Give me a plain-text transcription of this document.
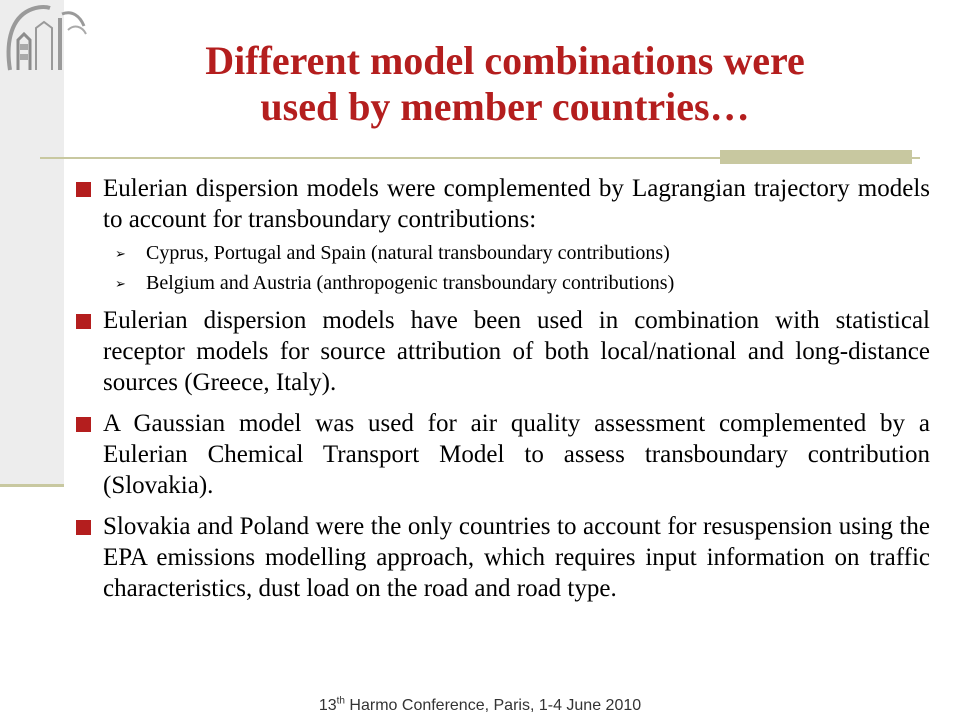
Different model combinations were
used by member countries…
Eulerian dispersion models were complemented by Lagrangian trajectory models to account for transboundary contributions:
➢ Cyprus, Portugal and Spain (natural transboundary contributions)
➢ Belgium and Austria (anthropogenic transboundary contributions)
Eulerian dispersion models have been used in combination with statistical receptor models for source attribution of both local/national and long-distance sources (Greece, Italy).
A Gaussian model was used for air quality assessment complemented by a Eulerian Chemical Transport Model to assess transboundary contribution (Slovakia).
Slovakia and Poland were the only countries to account for resuspension using the EPA emissions modelling approach, which requires input information on traffic characteristics, dust load on the road and road type.
13th Harmo Conference, Paris, 1-4 June 2010
